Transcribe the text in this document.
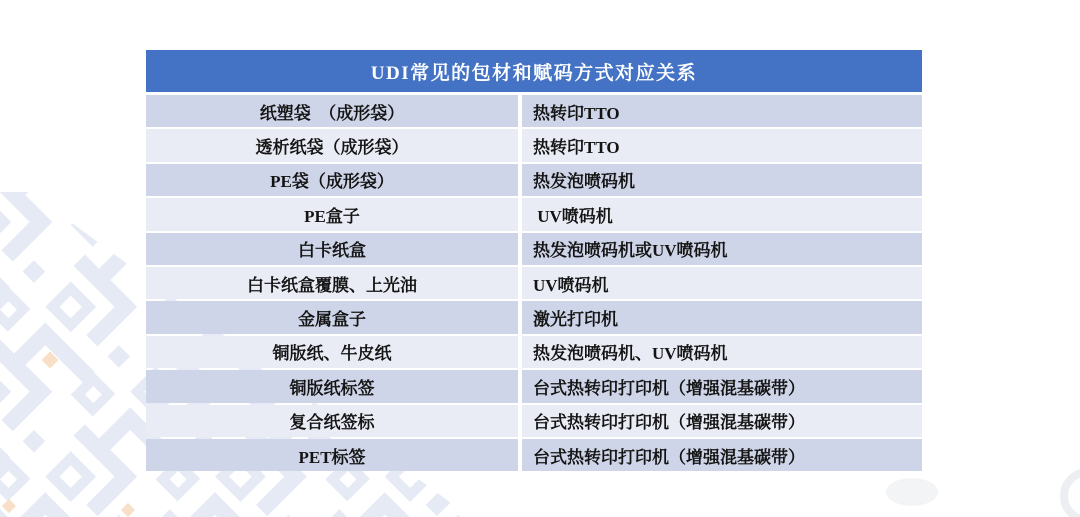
UDI常见的包材和赋码方式对应关系
纸塑袋　（成形袋）	热转印TTO
透析纸袋（成形袋）	热转印TTO
PE袋（成形袋）	热发泡喷码机
PE盒子	UV喷码机
白卡纸盒	热发泡喷码机或UV喷码机
白卡纸盒覆膜、上光油	UV喷码机
金属盒子	激光打印机
铜版纸、牛皮纸	热发泡喷码机、UV喷码机
铜版纸标签	台式热转印打印机（增强混基碳带）
复合纸签标	台式热转印打印机（增强混基碳带）
PET标签	台式热转印打印机（增强混基碳带）
